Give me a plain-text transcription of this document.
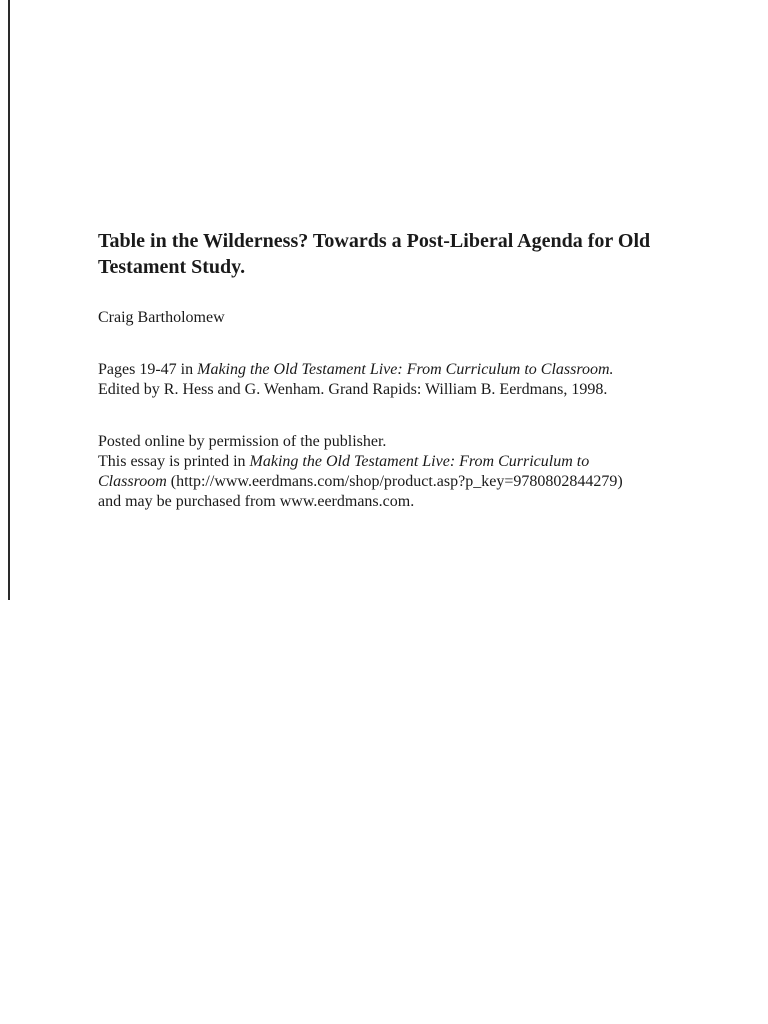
Table in the Wilderness? Towards a Post-Liberal Agenda for Old Testament Study.
Craig Bartholomew
Pages 19-47 in Making the Old Testament Live: From Curriculum to Classroom.
Edited by R. Hess and G. Wenham. Grand Rapids: William B. Eerdmans, 1998.
Posted online by permission of the publisher.
This essay is printed in Making the Old Testament Live: From Curriculum to
Classroom (http://www.eerdmans.com/shop/product.asp?p_key=9780802844279)
and may be purchased from www.eerdmans.com.
